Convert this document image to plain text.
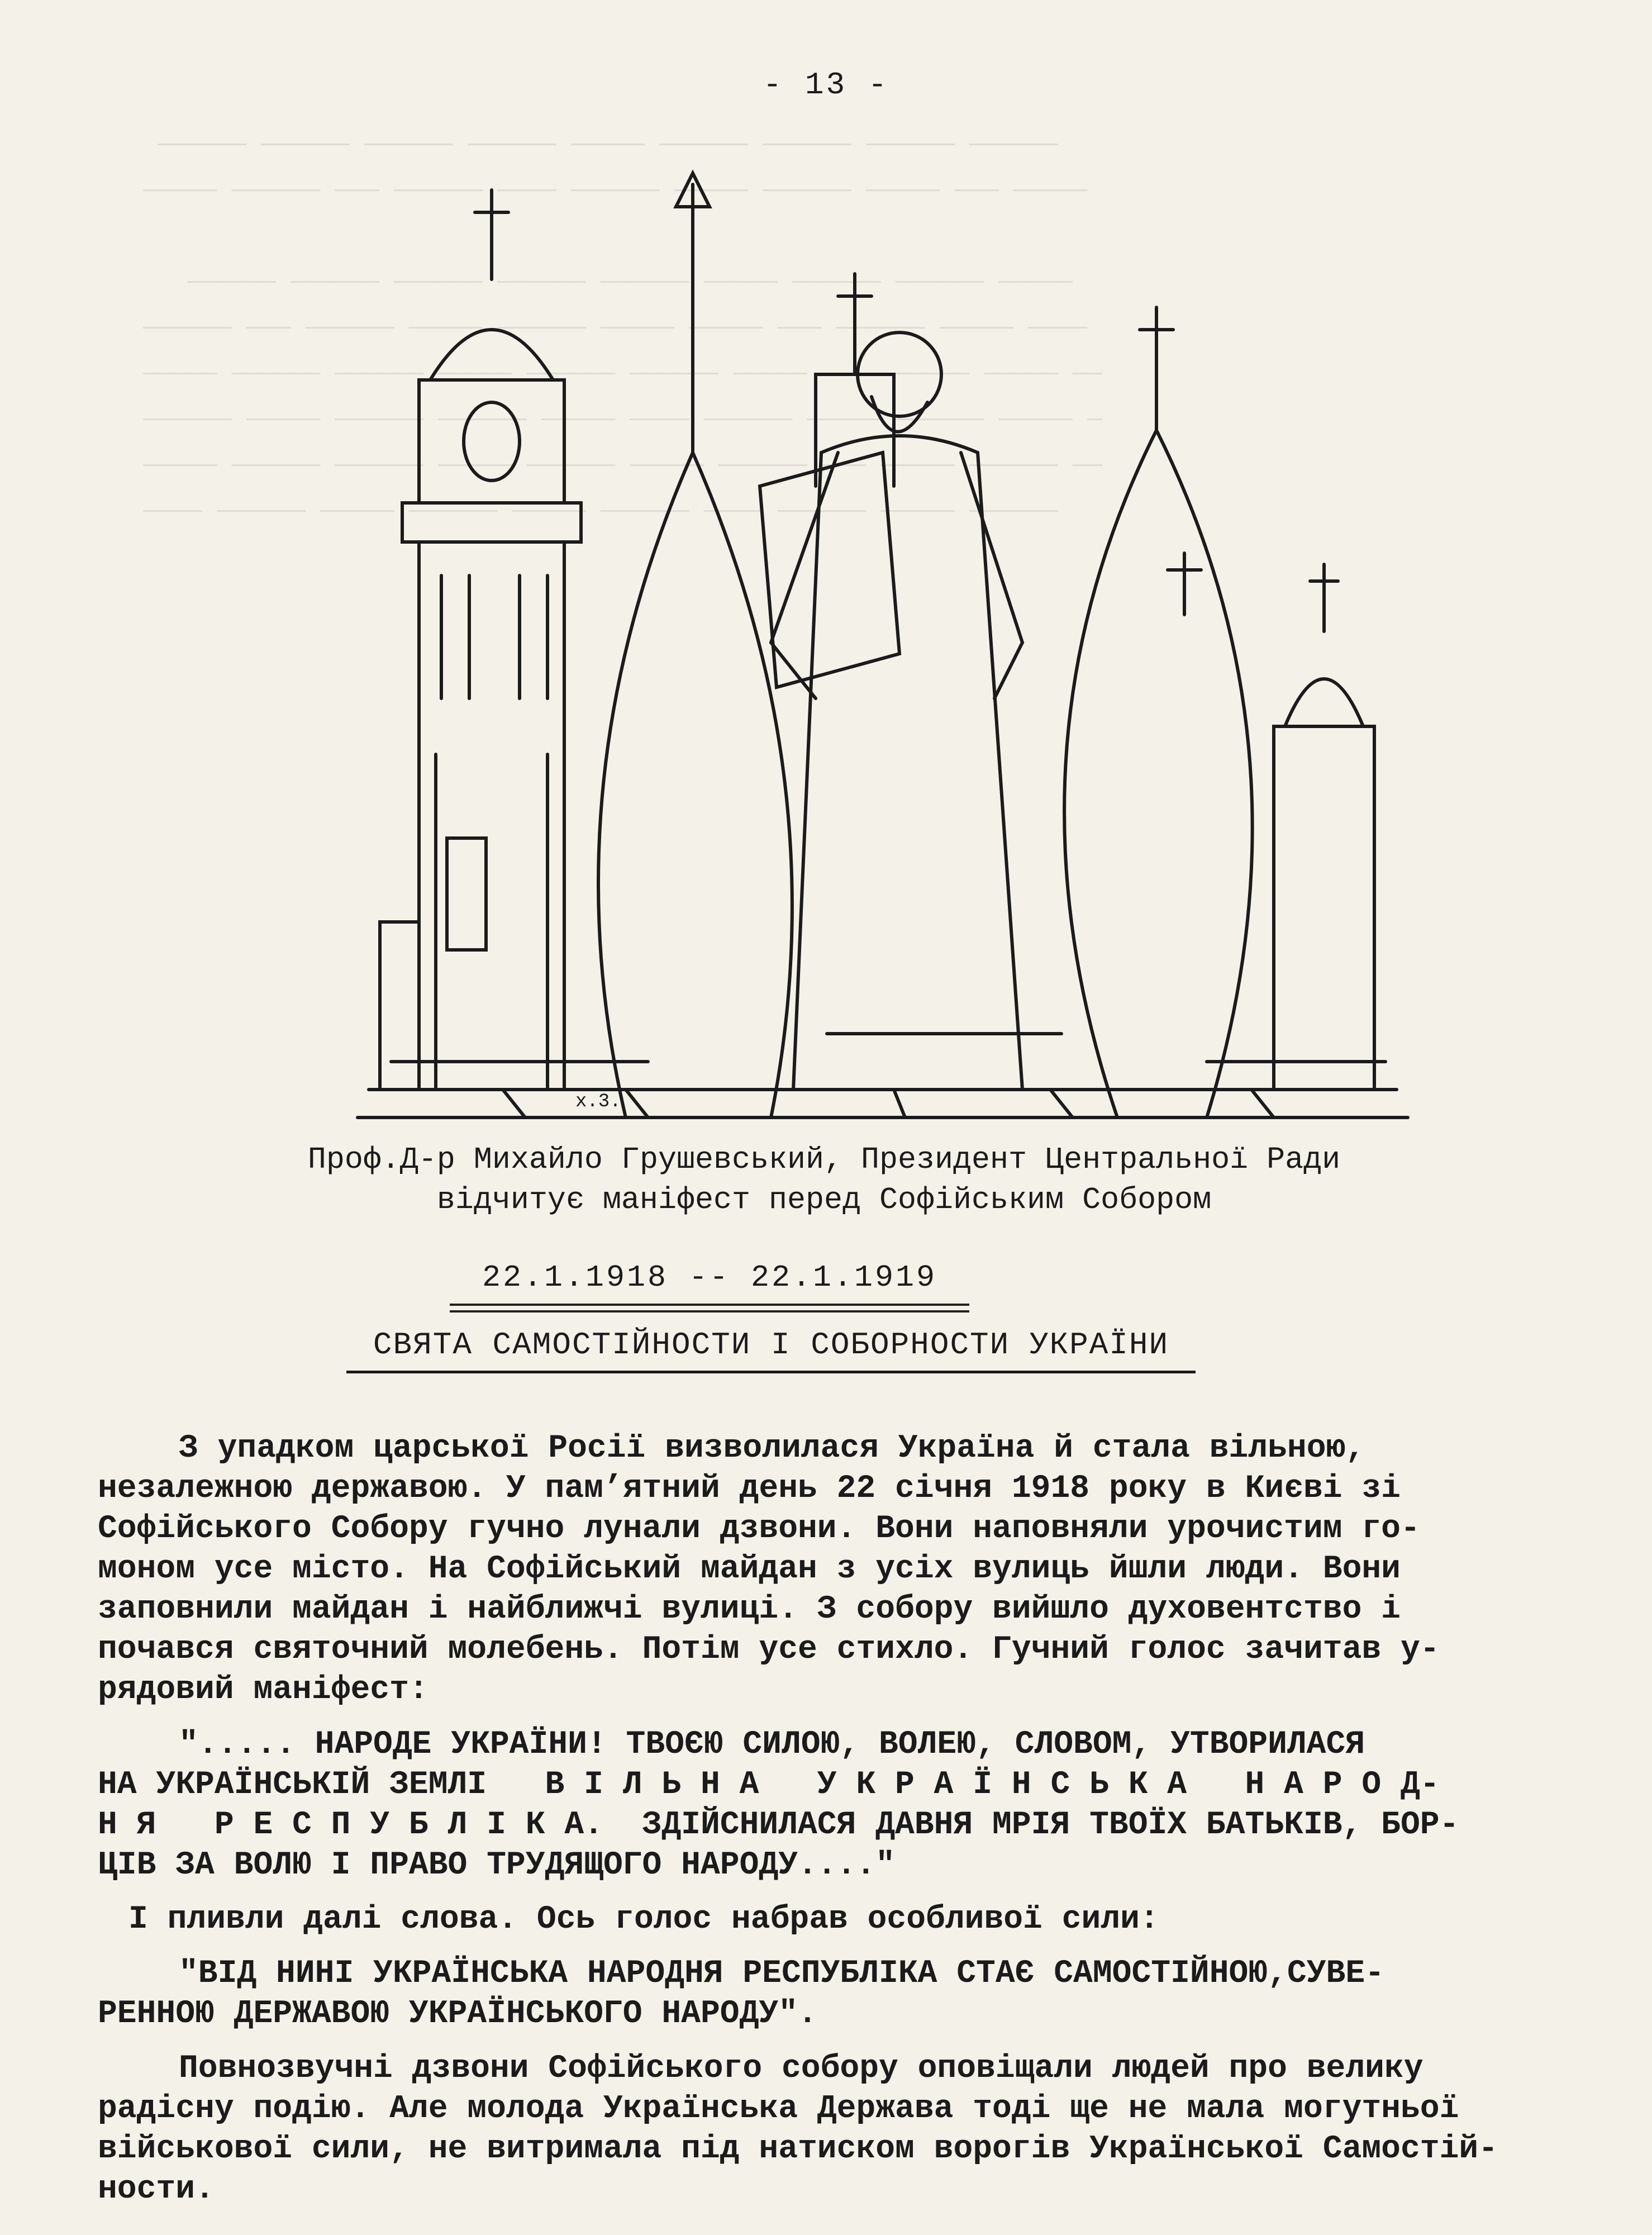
────── ────── ────── ────── ───── ────── ────── ────── ──────
───── ────── ─── ────── ──── ────── ───── ────── ───── ─── ─────

────── ────── ────── ────── ────── ───── ────── ────── ─────
────── ─── ────── ───── ────── ───── ───── ─── ────── ───── ────
───── ────── ────── ───── ────── ────── ───── ─── ────── ───── ──
────── ───── ────── ────── ───── ──── ────── ───── ────── ───── ─
───── ────── ────── ───── ────── ───── ────── ─── ───── ────── ──
──── ────── ───── ────── ───── ────── ──── ────── ───── ──────
- 13 -
x.3.
Проф.Д-р Михайло Грушевський, Президент Центральної Ради
відчитує маніфест перед Софійським Собором
22.1.1918 -- 22.1.1919
СВЯТА САМОСТІЙНОСТИ І СОБОРНОСТИ УКРАЇНИ
З упадком царської Росії визволилася Україна й стала вільною,
незалежною державою. У пам’ятний день 22 січня 1918 року в Києві зі
Софійського Собору гучно лунали дзвони. Вони наповняли урочистим го-
моном усе місто. На Софійський майдан з усіх вулиць йшли люди. Вони
заповнили майдан і найближчі вулиці. З собору вийшло духовентство і
почався святочний молебень. Потім усе стихло. Гучний голос зачитав у-
рядовий маніфест:
"..... НАРОДЕ УКРАЇНИ! ТВОЄЮ СИЛОЮ, ВОЛЕЮ, СЛОВОМ, УТВОРИЛАСЯ
НА УКРАЇНСЬКІЙ ЗЕМЛІ   В І Л Ь Н А   У К Р А Ї Н С Ь К А   Н А Р О Д-
Н Я   Р Е С П У Б Л І К А.  ЗДІЙСНИЛАСЯ ДАВНЯ МРІЯ ТВОЇХ БАТЬКІВ, БОР-
ЦІВ ЗА ВОЛЮ І ПРАВО ТРУДЯЩОГО НАРОДУ...."
І пливли далі слова. Ось голос набрав особливої сили:
"ВІД НИНІ УКРАЇНСЬКА НАРОДНЯ РЕСПУБЛІКА СТАЄ САМОСТІЙНОЮ,СУВЕ-
РЕННОЮ ДЕРЖАВОЮ УКРАЇНСЬКОГО НАРОДУ".
Повнозвучні дзвони Софійського собору оповіщали людей про велику
радісну подію. Але молода Українська Держава тоді ще не мала могутньої
військової сили, не витримала під натиском ворогів Української Самостій-
ности.
